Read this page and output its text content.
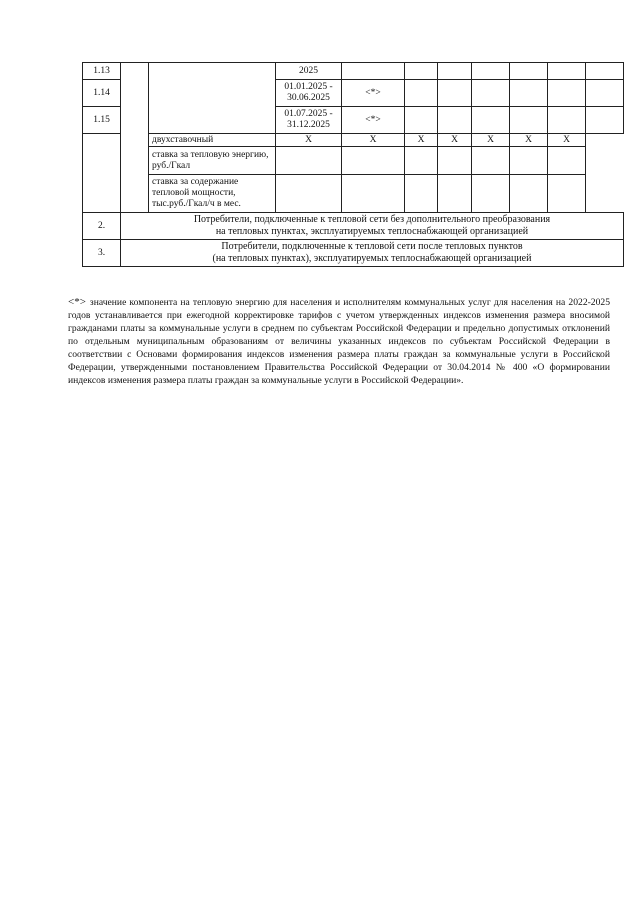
1.13			2025							
1.14			01.01.2025 - 30.06.2025	<*>						
1.15			01.07.2025 - 31.12.2025	<*>						
		двухставочный	Х	Х	Х	Х	Х	Х	Х	
		ставка за тепловую энергию, руб./Гкал								
		ставка за содержание тепловой мощности, тыс.руб./Гкал/ч в мес.								
2.	Потребители, подключенные к тепловой сети без дополнительного преобразования
на тепловых пунктах, эксплуатируемых теплоснабжающей организацией									

3.	Потребители, подключенные к тепловой сети после тепловых пунктов
(на тепловых пунктах), эксплуатируемых теплоснабжающей организацией									

<*> значение компонента на тепловую энергию для населения и исполнителям коммунальных услуг для населения на 2022-2025 годов устанавливается при ежегодной корректировке тарифов с учетом утвержденных индексов изменения размера вносимой гражданами платы за коммунальные услуги в среднем по субъектам Российской Федерации и предельно допустимых отклонений по отдельным муниципальным образованиям от величины указанных индексов по субъектам Российской Федерации в соответствии с Основами формирования индексов изменения размера платы граждан за коммунальные услуги в Российской Федерации, утвержденными постановлением Правительства Российской Федерации от 30.04.2014 № 400 «О формировании индексов изменения размера платы граждан за коммунальные услуги в Российской Федерации».
